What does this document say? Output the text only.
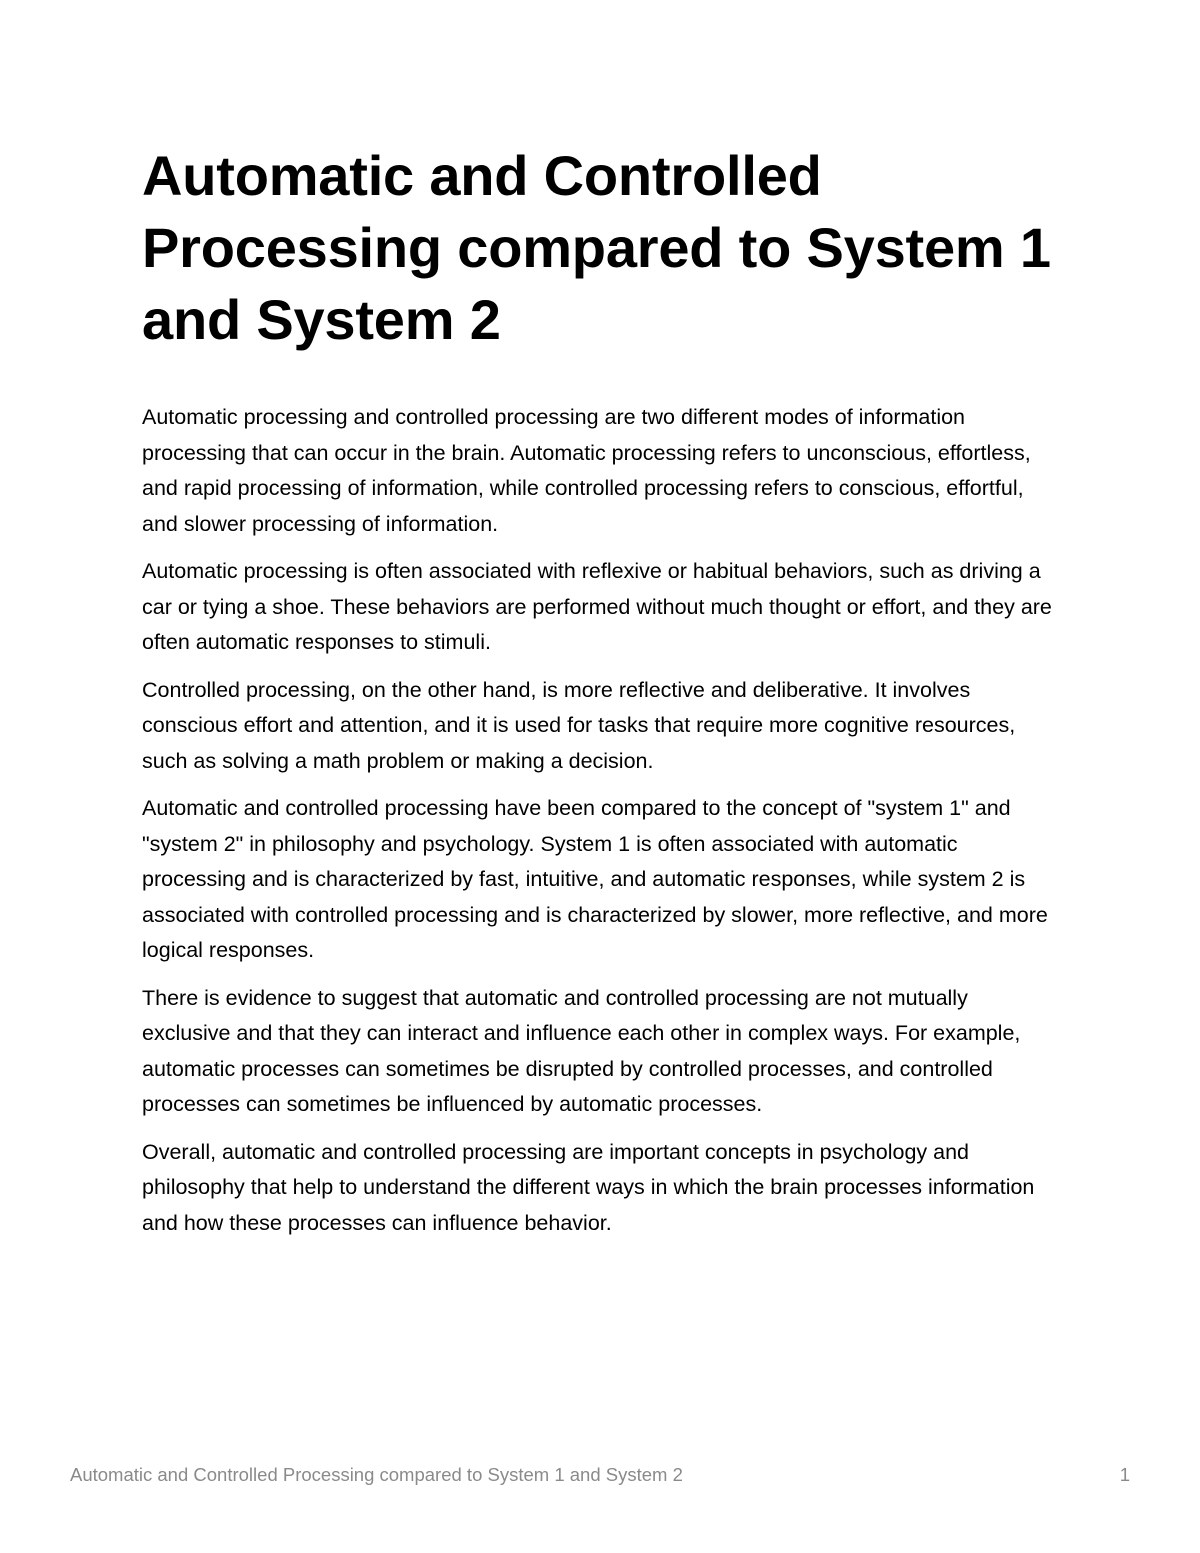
Automatic and Controlled Processing compared to System 1 and System 2

Automatic processing and controlled processing are two different modes of information processing that can occur in the brain. Automatic processing refers to unconscious, effortless, and rapid processing of information, while controlled processing refers to conscious, effortful, and slower processing of information.

Automatic processing is often associated with reflexive or habitual behaviors, such as driving a car or tying a shoe. These behaviors are performed without much thought or effort, and they are often automatic responses to stimuli.

Controlled processing, on the other hand, is more reflective and deliberative. It involves conscious effort and attention, and it is used for tasks that require more cognitive resources, such as solving a math problem or making a decision.

Automatic and controlled processing have been compared to the concept of "system 1" and "system 2" in philosophy and psychology. System 1 is often associated with automatic processing and is characterized by fast, intuitive, and automatic responses, while system 2 is associated with controlled processing and is characterized by slower, more reflective, and more logical responses.

There is evidence to suggest that automatic and controlled processing are not mutually exclusive and that they can interact and influence each other in complex ways. For example, automatic processes can sometimes be disrupted by controlled processes, and controlled processes can sometimes be influenced by automatic processes.

Overall, automatic and controlled processing are important concepts in psychology and philosophy that help to understand the different ways in which the brain processes information and how these processes can influence behavior.

Automatic and Controlled Processing compared to System 1 and System 2	1
